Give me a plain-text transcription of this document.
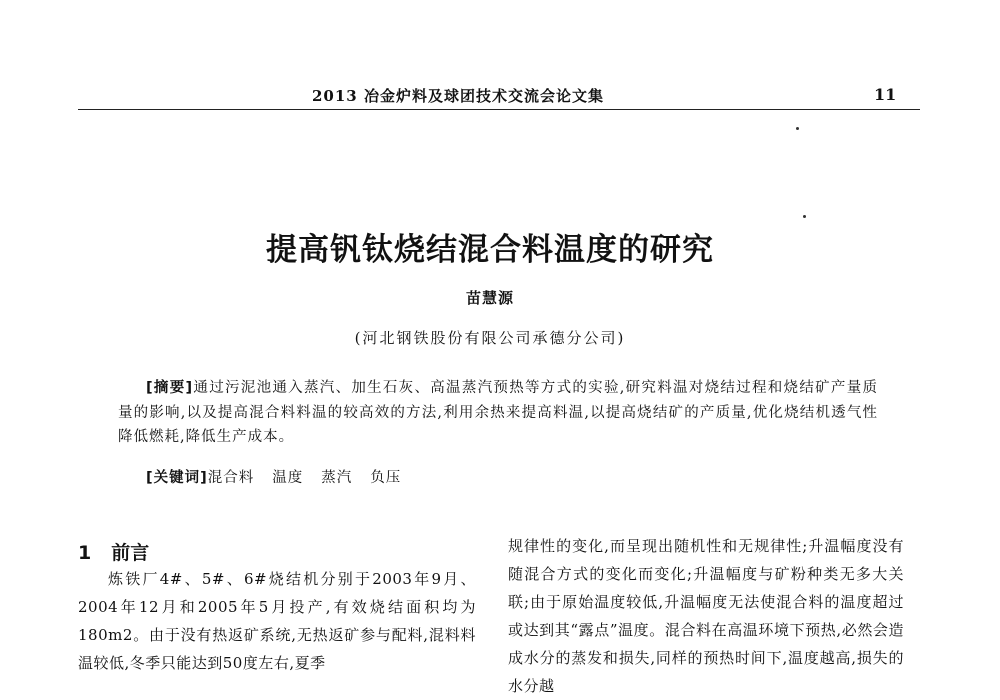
2013 冶金炉料及球团技术交流会论文集	11
提高钒钛烧结混合料温度的研究
苗慧源
(河北钢铁股份有限公司承德分公司)
[摘要]通过污泥池通入蒸汽、加生石灰、高温蒸汽预热等方式的实验,研究料温对烧结过程和烧结矿产量质量的影响,以及提高混合料料温的较高效的方法,利用余热来提高料温,以提高烧结矿的产质量,优化烧结机透气性降低燃耗,降低生产成本。
[关键词]混合料 温度 蒸汽 负压
1 前言
炼铁厂4#、5#、6#烧结机分别于2003年9月、2004年12月和2005年5月投产,有效烧结面积均为180m2。由于没有热返矿系统,无热返矿参与配料,混料料温较低,冬季只能达到50度左右,夏季
规律性的变化,而呈现出随机性和无规律性;升温幅度没有随混合方式的变化而变化;升温幅度与矿粉种类无多大关联;由于原始温度较低,升温幅度无法使混合料的温度超过或达到其“露点”温度。混合料在高温环境下预热,必然会造成水分的蒸发和损失,同样的预热时间下,温度越高,损失的水分越
